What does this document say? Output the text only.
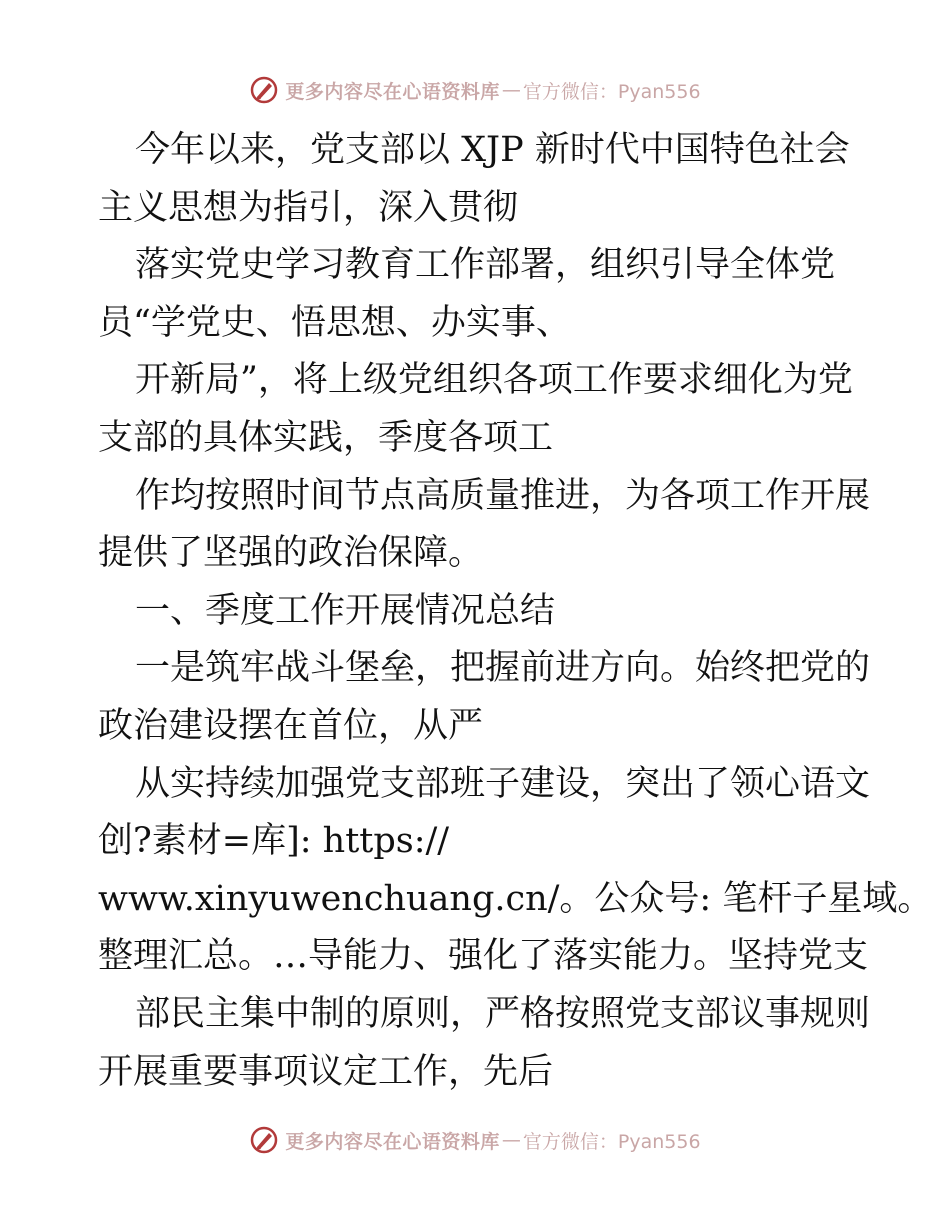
更多内容尽在心语资料库 — 官方微信：Pyan556
今年以来，党支部以 XJP 新时代中国特色社会
主义思想为指引，深入贯彻
落实党史学习教育工作部署，组织引导全体党
员“学党史、悟思想、办实事、
开新局”，将上级党组织各项工作要求细化为党
支部的具体实践，季度各项工
作均按照时间节点高质量推进，为各项工作开展
提供了坚强的政治保障。
一、季度工作开展情况总结
一是筑牢战斗堡垒，把握前进方向。始终把党的
政治建设摆在首位，从严
从实持续加强党支部班子建设，突出了领心语文
创?素材=库]: https://
www.xinyuwenchuang.cn/。公众号: 笔杆子星域。
整理汇总。…导能力、强化了落实能力。坚持党支
部民主集中制的原则，严格按照党支部议事规则
开展重要事项议定工作，先后
更多内容尽在心语资料库 — 官方微信：Pyan556
